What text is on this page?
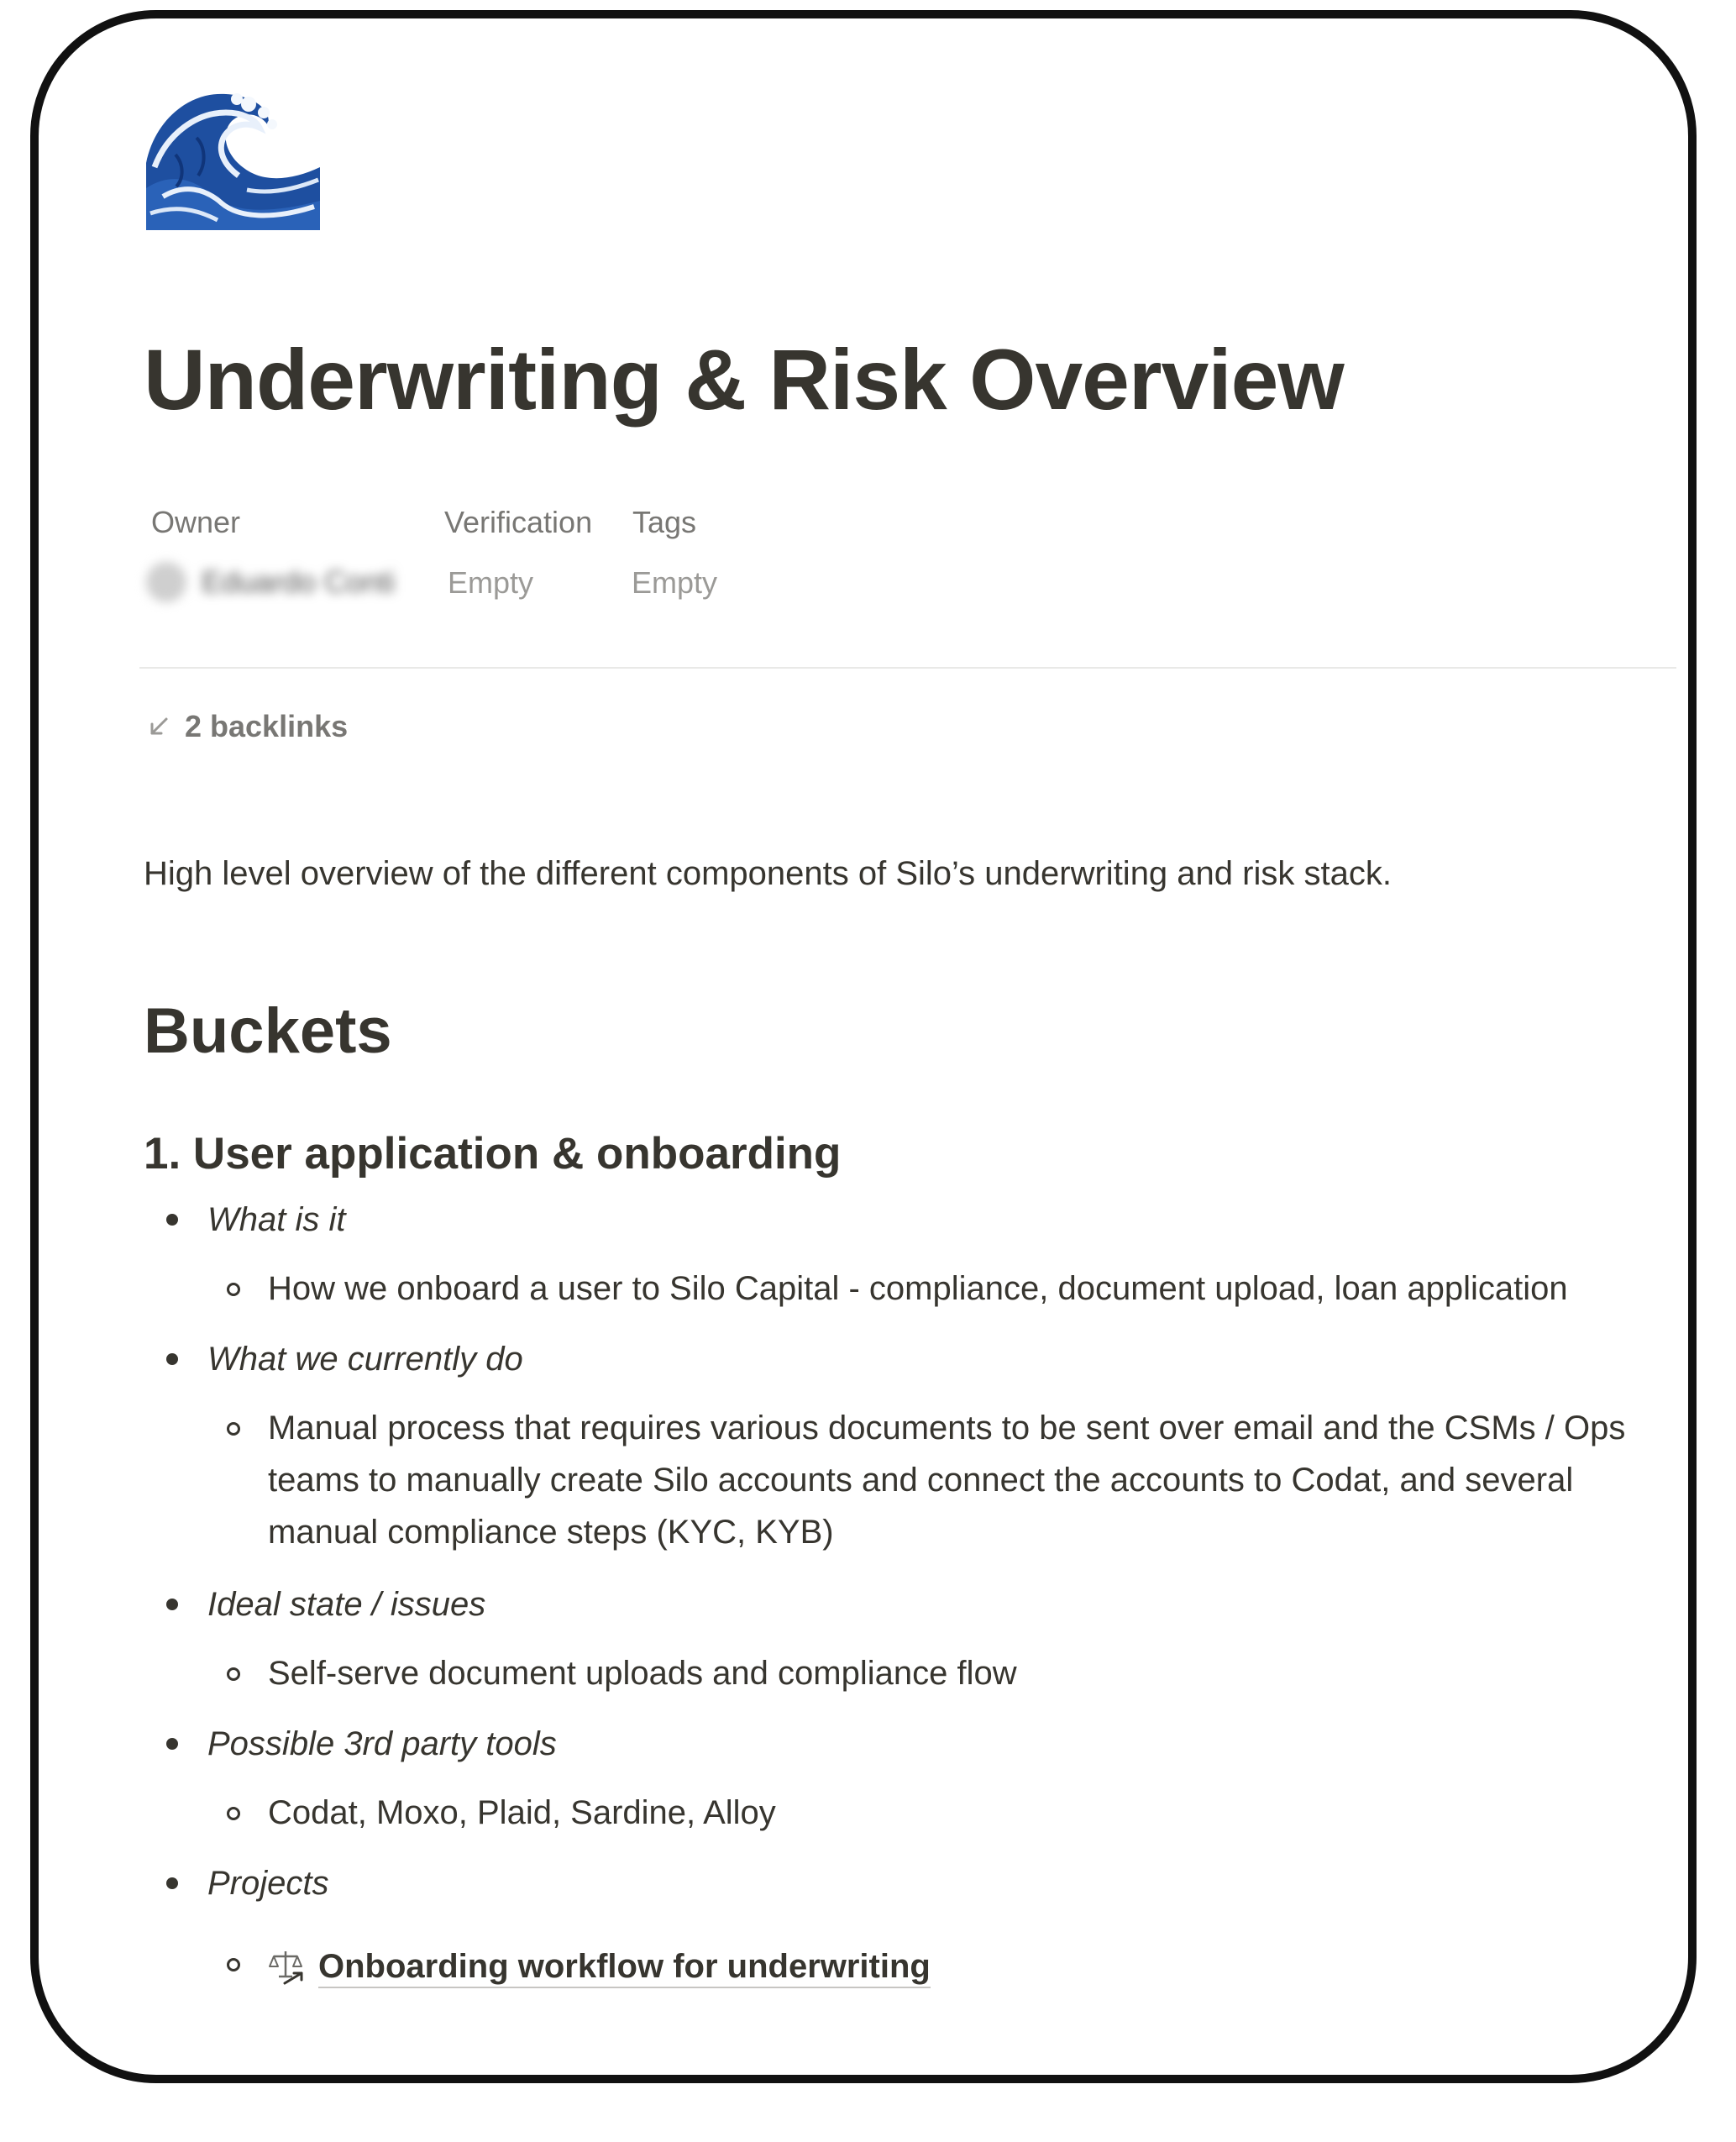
Underwriting & Risk Overview
Owner	Verification Tags
Eduardo Conti Empty	Empty
2 backlinks

High level overview of the different components of Silo’s underwriting and risk stack.

Buckets
1. User application & onboarding
What is it

How we onboard a user to Silo Capital - compliance, document upload, loan application

What we currently do

Manual process that requires various documents to be sent over email and the CSMs / Ops teams to manually create Silo accounts and connect the accounts to Codat, and several manual compliance steps (KYC, KYB)

Ideal state / issues

Self-serve document uploads and compliance flow

Possible 3rd party tools

Codat, Moxo, Plaid, Sardine, Alloy

Projects
Onboarding workflow for underwriting
